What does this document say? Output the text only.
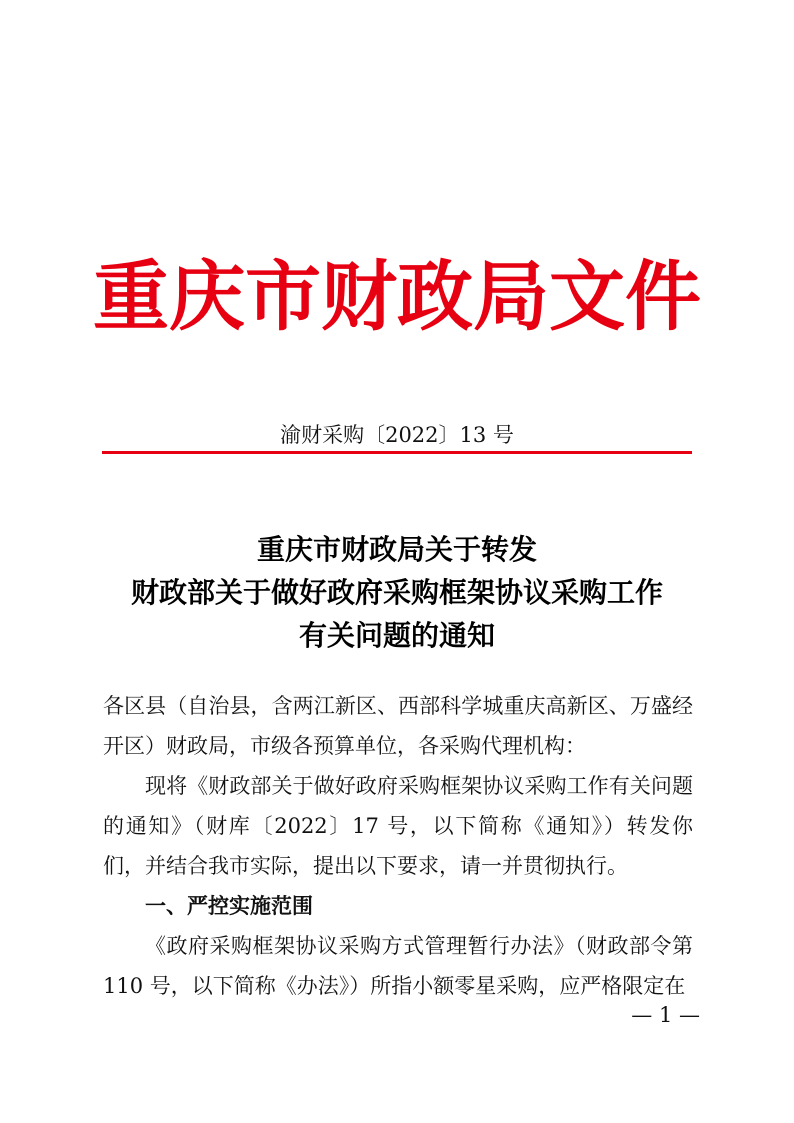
重庆市财政局文件
渝财采购〔2022〕13 号
重庆市财政局关于转发
财政部关于做好政府采购框架协议采购工作
有关问题的通知

各区县（自治县，含两江新区、西部科学城重庆高新区、万盛经开区）财政局，市级各预算单位，各采购代理机构：

现将《财政部关于做好政府采购框架协议采购工作有关问题的通知》（财库〔2022〕17 号，以下简称《通知》）转发你们，并结合我市实际，提出以下要求，请一并贯彻执行。

一、严控实施范围

《政府采购框架协议采购方式管理暂行办法》（财政部令第 110 号，以下简称《办法》）所指小额零星采购，应严格限定在

— 1 —
